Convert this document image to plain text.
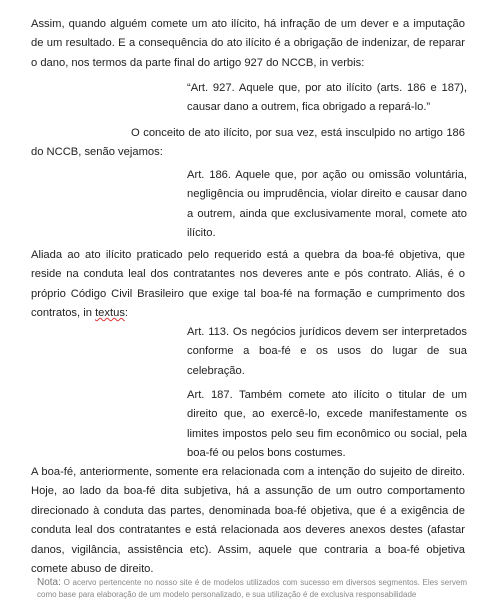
Assim, quando alguém comete um ato ilícito, há infração de um dever e a imputação de um resultado. E a consequência do ato ilícito é a obrigação de indenizar, de reparar o dano, nos termos da parte final do artigo 927 do NCCB, in verbis:

“Art. 927. Aquele que, por ato ilícito (arts. 186 e 187), causar dano a outrem, fica obrigado a repará-lo.”

O conceito de ato ilícito, por sua vez, está insculpido no artigo 186 do NCCB, senão vejamos:

Art. 186. Aquele que, por ação ou omissão voluntária, negligência ou imprudência, violar direito e causar dano a outrem, ainda que exclusivamente moral, comete ato ilícito.

Aliada ao ato ilícito praticado pelo requerido está a quebra da boa-fé objetiva, que reside na conduta leal dos contratantes nos deveres ante e pós contrato. Aliás, é o próprio Código Civil Brasileiro que exige tal boa-fé na formação e cumprimento dos contratos, in textus:

Art. 113. Os negócios jurídicos devem ser interpretados conforme a boa-fé e os usos do lugar de sua celebração.

Art. 187. Também comete ato ilícito o titular de um direito que, ao exercê-lo, excede manifestamente os limites impostos pelo seu fim econômico ou social, pela boa-fé ou pelos bons costumes.

A boa-fé, anteriormente, somente era relacionada com a intenção do sujeito de direito. Hoje, ao lado da boa-fé dita subjetiva, há a assunção de um outro comportamento direcionado à conduta das partes, denominada boa-fé objetiva, que é a exigência de conduta leal dos contratantes e está relacionada aos deveres anexos destes (afastar danos, vigilância, assistência etc). Assim, aquele que contraria a boa-fé objetiva comete abuso de direito.

Nota: O acervo pertencente no nosso site é de modelos utilizados com sucesso em diversos segmentos. Eles servem como base para elaboração de um modelo personalizado, e sua utilização é de exclusiva responsabilidade
